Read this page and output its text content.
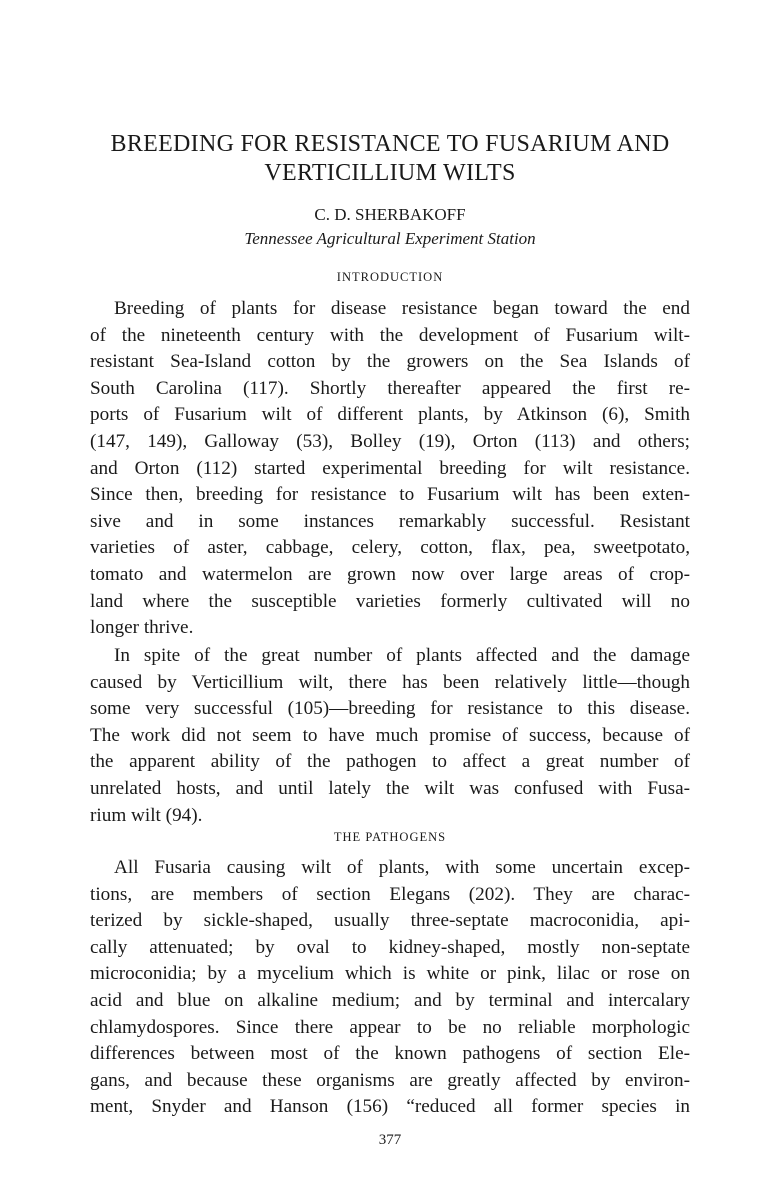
BREEDING FOR RESISTANCE TO FUSARIUM AND
VERTICILLIUM WILTS
C. D. SHERBAKOFF
Tennessee Agricultural Experiment Station
INTRODUCTION

Breeding of plants for disease resistance began toward the end
of the nineteenth century with the development of Fusarium wilt-
resistant Sea-Island cotton by the growers on the Sea Islands of
South Carolina (117). Shortly thereafter appeared the first re-
ports of Fusarium wilt of different plants, by Atkinson (6), Smith
(147, 149), Galloway (53), Bolley (19), Orton (113) and others;
and Orton (112) started experimental breeding for wilt resistance.
Since then, breeding for resistance to Fusarium wilt has been exten-
sive and in some instances remarkably successful. Resistant
varieties of aster, cabbage, celery, cotton, flax, pea, sweetpotato,
tomato and watermelon are grown now over large areas of crop-
land where the susceptible varieties formerly cultivated will no
longer thrive.

In spite of the great number of plants affected and the damage
caused by Verticillium wilt, there has been relatively little—though
some very successful (105)—breeding for resistance to this disease.
The work did not seem to have much promise of success, because of
the apparent ability of the pathogen to affect a great number of
unrelated hosts, and until lately the wilt was confused with Fusa-
rium wilt (94).

THE PATHOGENS

All Fusaria causing wilt of plants, with some uncertain excep-
tions, are members of section Elegans (202). They are charac-
terized by sickle-shaped, usually three-septate macroconidia, api-
cally attenuated; by oval to kidney-shaped, mostly non-septate
microconidia; by a mycelium which is white or pink, lilac or rose on
acid and blue on alkaline medium; and by terminal and intercalary
chlamydospores. Since there appear to be no reliable morphologic
differences between most of the known pathogens of section Ele-
gans, and because these organisms are greatly affected by environ-
ment, Snyder and Hanson (156) “reduced all former species in

377
